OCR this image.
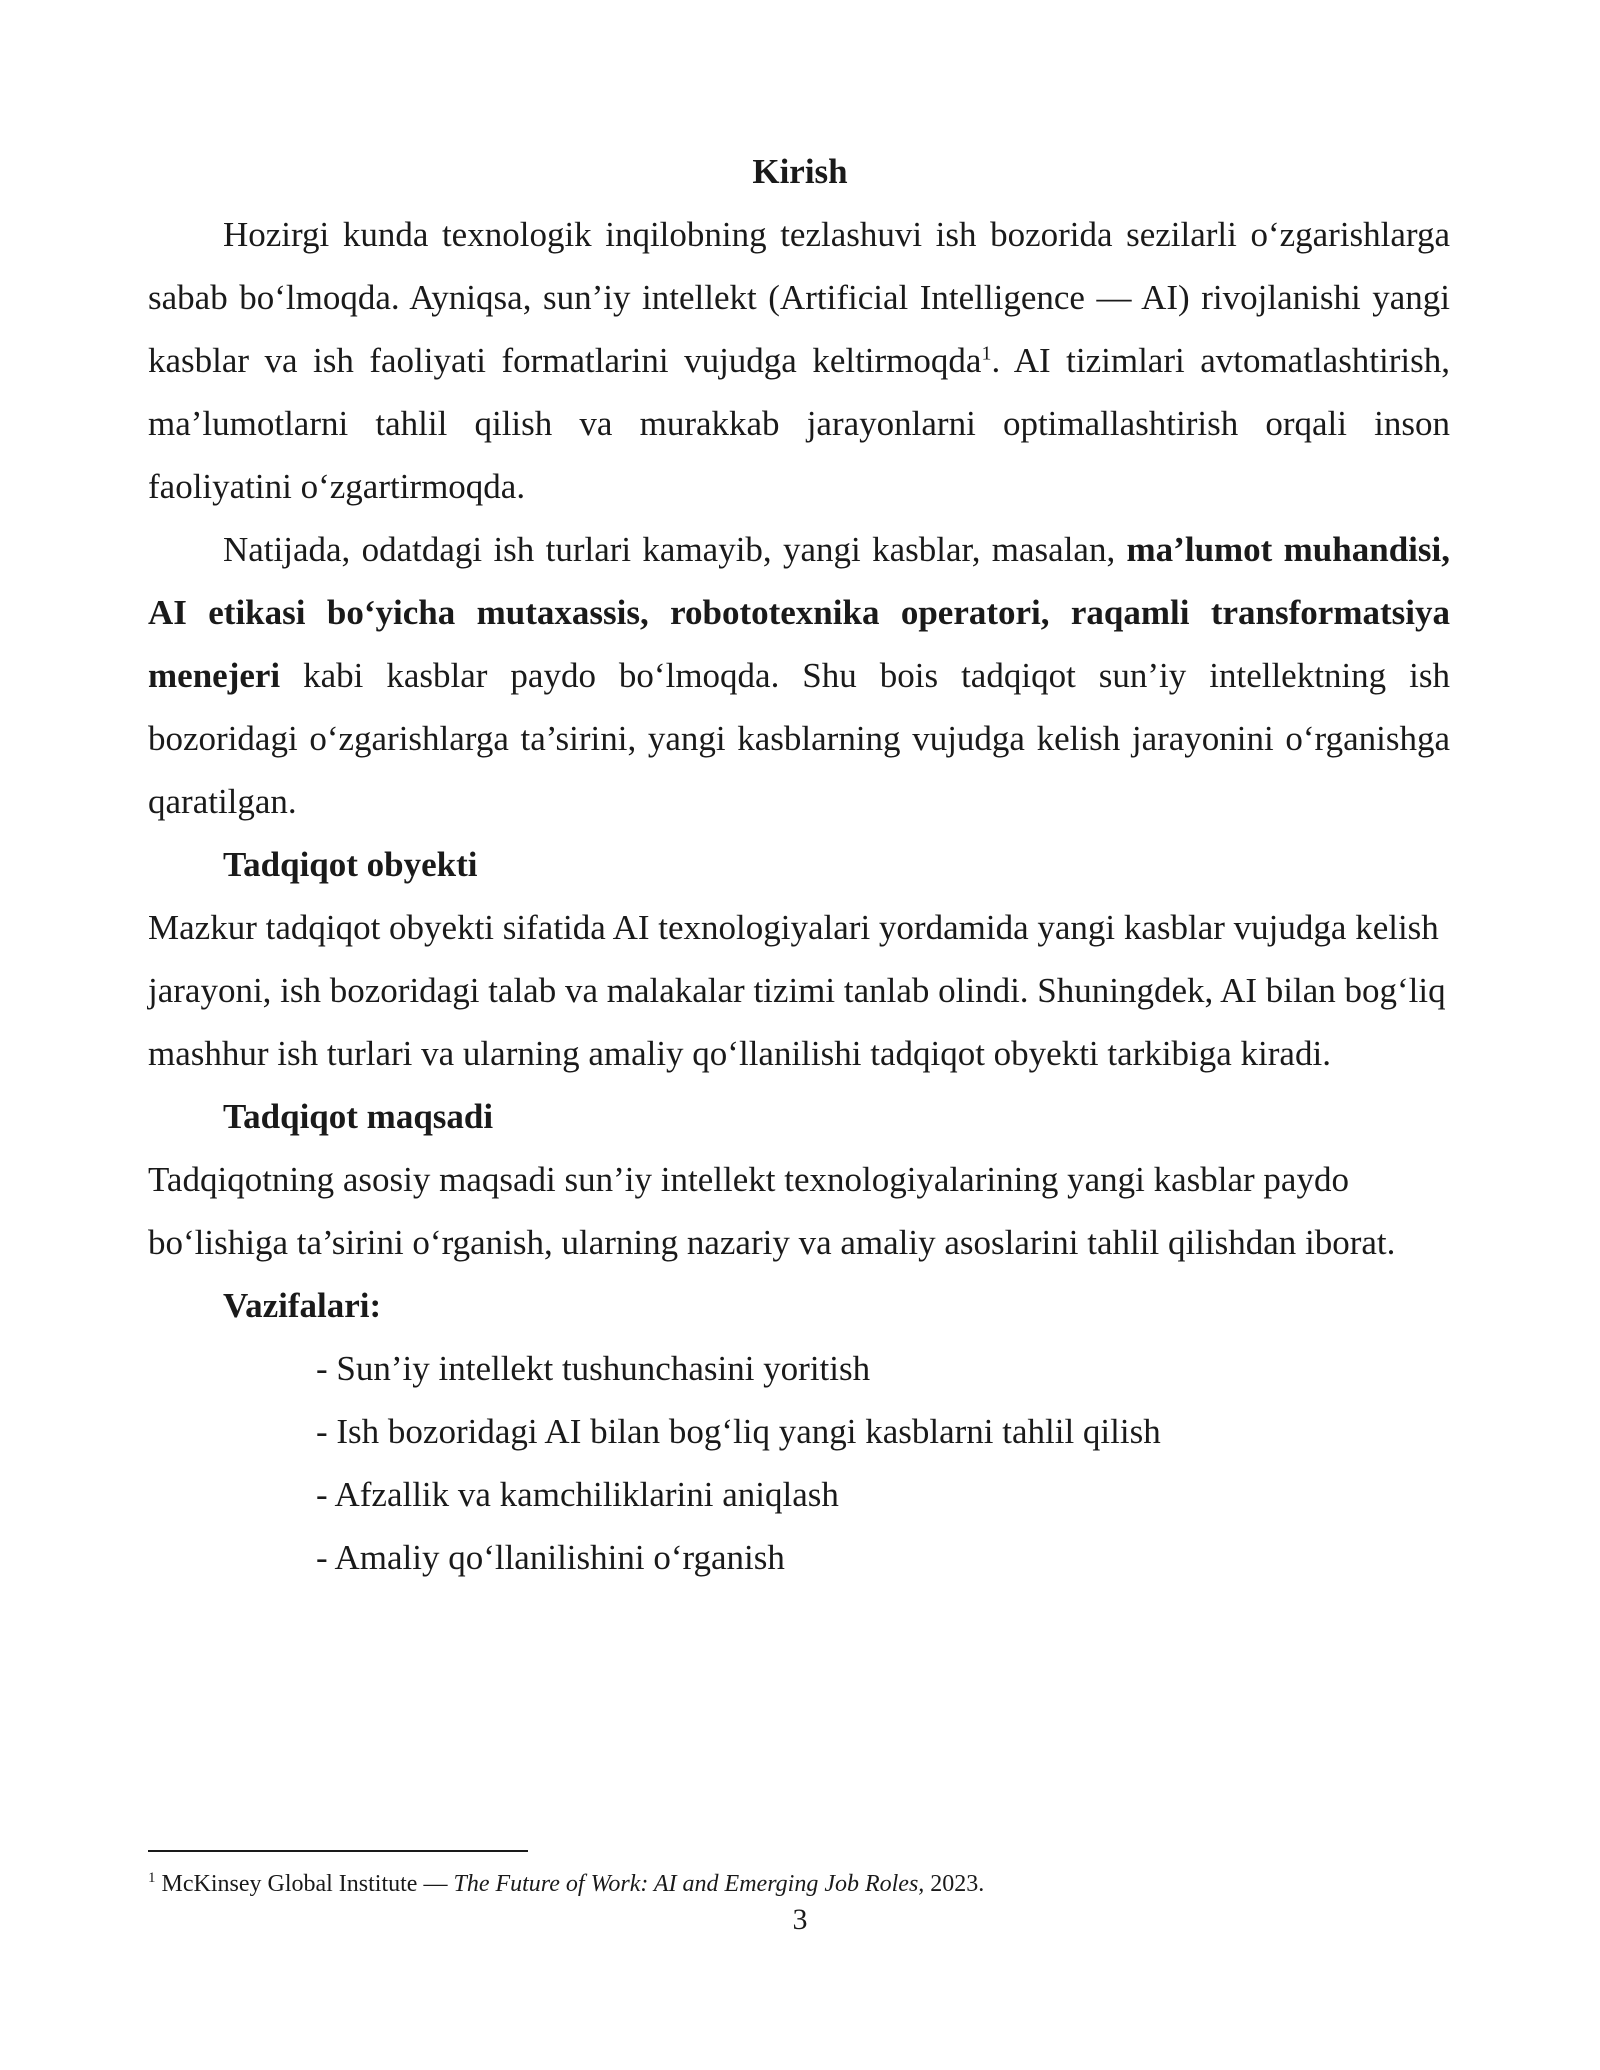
Kirish

Hozirgi kunda texnologik inqilobning tezlashuvi ish bozorida sezilarli o‘zgarishlarga sabab bo‘lmoqda. Ayniqsa, sun’iy intellekt (Artificial Intelligence — AI) rivojlanishi yangi kasblar va ish faoliyati formatlarini vujudga keltirmoqda$^1$. AI tizimlari avtomatlashtirish, ma’lumotlarni tahlil qilish va murakkab jarayonlarni optimallashtirish orqali inson faoliyatini o‘zgartirmoqda.

Natijada, odatdagi ish turlari kamayib, yangi kasblar, masalan, ma’lumot muhandisi, AI etikasi bo‘yicha mutaxassis, robototexnika operatori, raqamli transformatsiya menejeri kabi kasblar paydo bo‘lmoqda. Shu bois tadqiqot sun’iy intellektning ish bozoridagi o‘zgarishlarga ta’sirini, yangi kasblarning vujudga kelish jarayonini o‘rganishga qaratilgan.

Tadqiqot obyekti

Mazkur tadqiqot obyekti sifatida AI texnologiyalari yordamida yangi kasblar vujudga kelish jarayoni, ish bozoridagi talab va malakalar tizimi tanlab olindi. Shuningdek, AI bilan bog‘liq mashhur ish turlari va ularning amaliy qo‘llanilishi tadqiqot obyekti tarkibiga kiradi.

Tadqiqot maqsadi

Tadqiqotning asosiy maqsadi sun’iy intellekt texnologiyalarining yangi kasblar paydo bo‘lishiga ta’sirini o‘rganish, ularning nazariy va amaliy asoslarini tahlil qilishdan iborat.

Vazifalari:

- Sun’iy intellekt tushunchasini yoritish
- Ish bozoridagi AI bilan bog‘liq yangi kasblarni tahlil qilish
- Afzallik va kamchiliklarini aniqlash
- Amaliy qo‘llanilishini o‘rganish

$^1$ McKinsey Global Institute — The Future of Work: AI and Emerging Job Roles, 2023.

3
